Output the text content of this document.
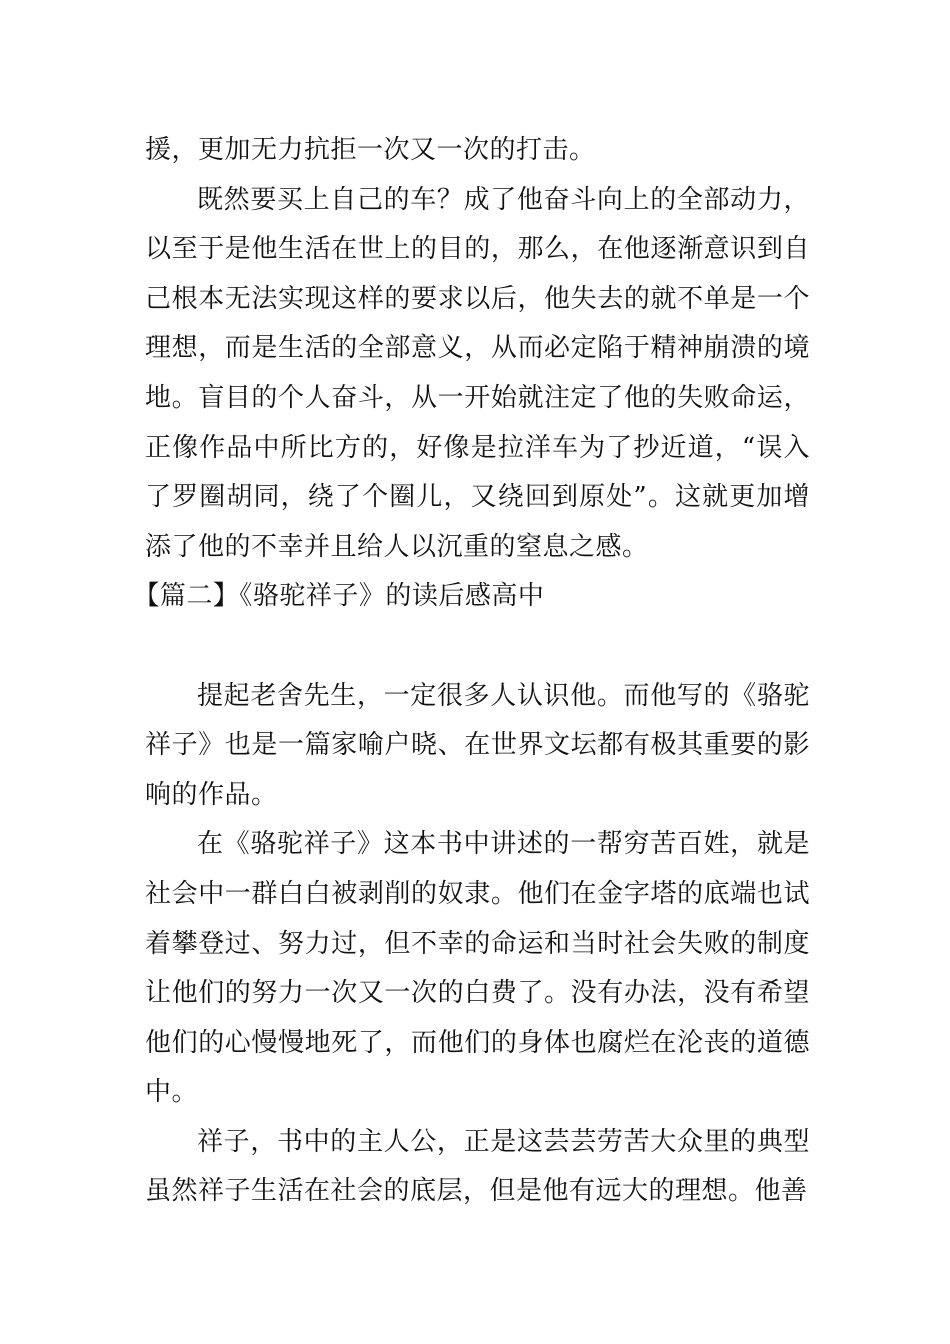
援，更加无力抗拒一次又一次的打击。

既然要买上自己的车？成了他奋斗向上的全部动力，以至于是他生活在世上的目的，那么，在他逐渐意识到自己根本无法实现这样的要求以后，他失去的就不单是一个理想，而是生活的全部意义，从而必定陷于精神崩溃的境地。盲目的个人奋斗，从一开始就注定了他的失败命运，正像作品中所比方的，好像是拉洋车为了抄近道，“误入了罗圈胡同，绕了个圈儿，又绕回到原处”。这就更加增添了他的不幸并且给人以沉重的窒息之感。

【篇二】《骆驼祥子》的读后感高中

提起老舍先生，一定很多人认识他。而他写的《骆驼祥子》也是一篇家喻户晓、在世界文坛都有极其重要的影响的作品。

在《骆驼祥子》这本书中讲述的一帮穷苦百姓，就是社会中一群白白被剥削的奴隶。他们在金字塔的底端也试着攀登过、努力过，但不幸的命运和当时社会失败的制度让他们的努力一次又一次的白费了。没有办法，没有希望他们的心慢慢地死了，而他们的身体也腐烂在沦丧的道德中。

祥子，书中的主人公，正是这芸芸劳苦大众里的典型虽然祥子生活在社会的底层，但是他有远大的理想。他善
